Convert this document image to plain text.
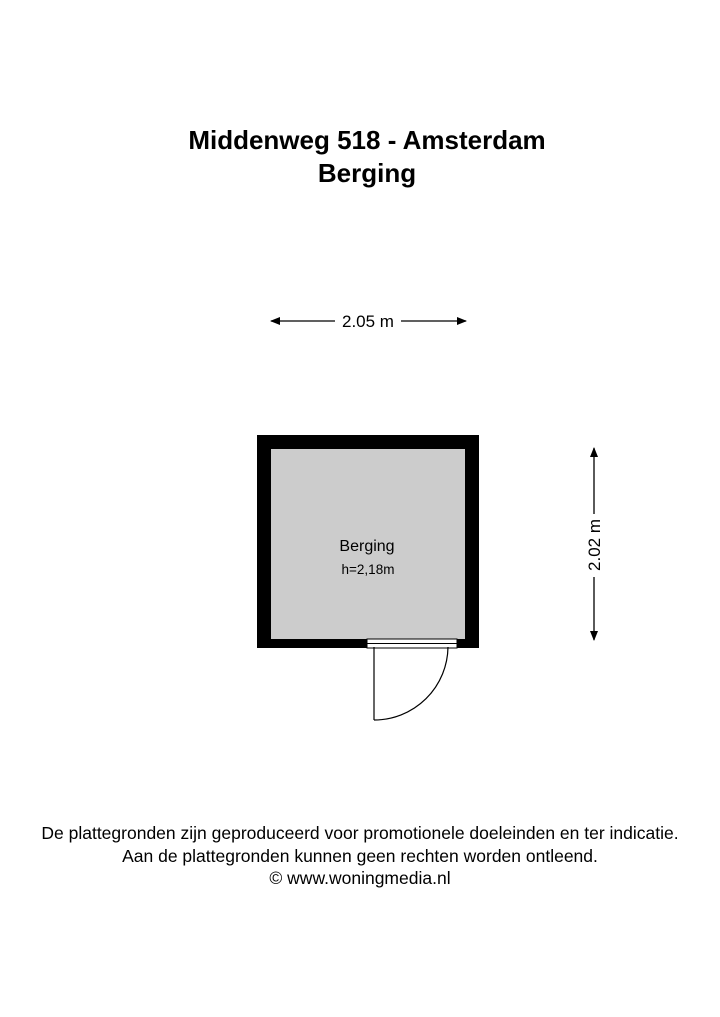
Middenweg 518 - Amsterdam
Berging
2.05 m
Berging
h=2,18m	2.02 m
De plattegronden zijn geproduceerd voor promotionele doeleinden en ter indicatie.
Aan de plattegronden kunnen geen rechten worden ontleend.
© www.woningmedia.nl
